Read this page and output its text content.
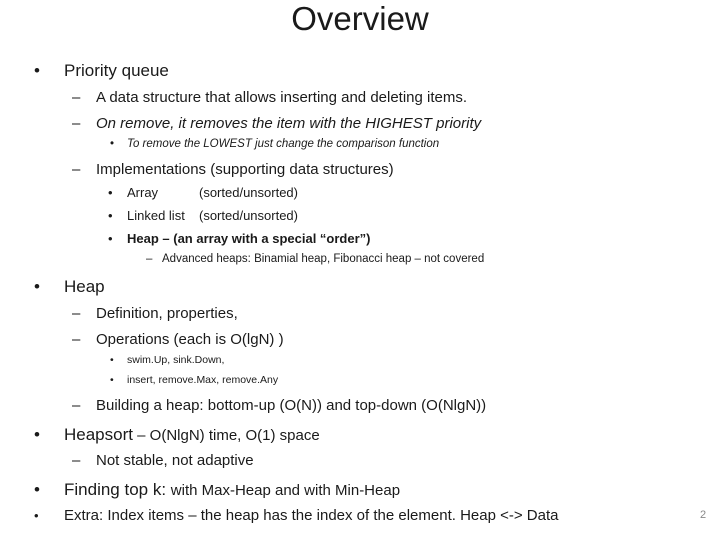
Overview
• Priority queue
– A data structure that allows inserting and deleting items.
– On remove, it removes the item with the HIGHEST priority
• To remove the LOWEST just change the comparison function
– Implementations (supporting data structures)
• Array	(sorted/unsorted)
• Linked list (sorted/unsorted)
• Heap – (an array with a special “order”)
– Advanced heaps: Binamial heap, Fibonacci heap – not covered
• Heap
– Definition, properties,
– Operations (each is O(lgN) )
• swim.Up, sink.Down,
• insert, remove.Max, remove.Any
– Building a heap: bottom-up (O(N)) and top-down (O(NlgN))
• Heapsort – O(NlgN) time, O(1) space
– Not stable, not adaptive
• Finding top k: with Max-Heap and with Min-Heap
• Extra: Index items – the heap has the index of the element. Heap <-> Data	2
